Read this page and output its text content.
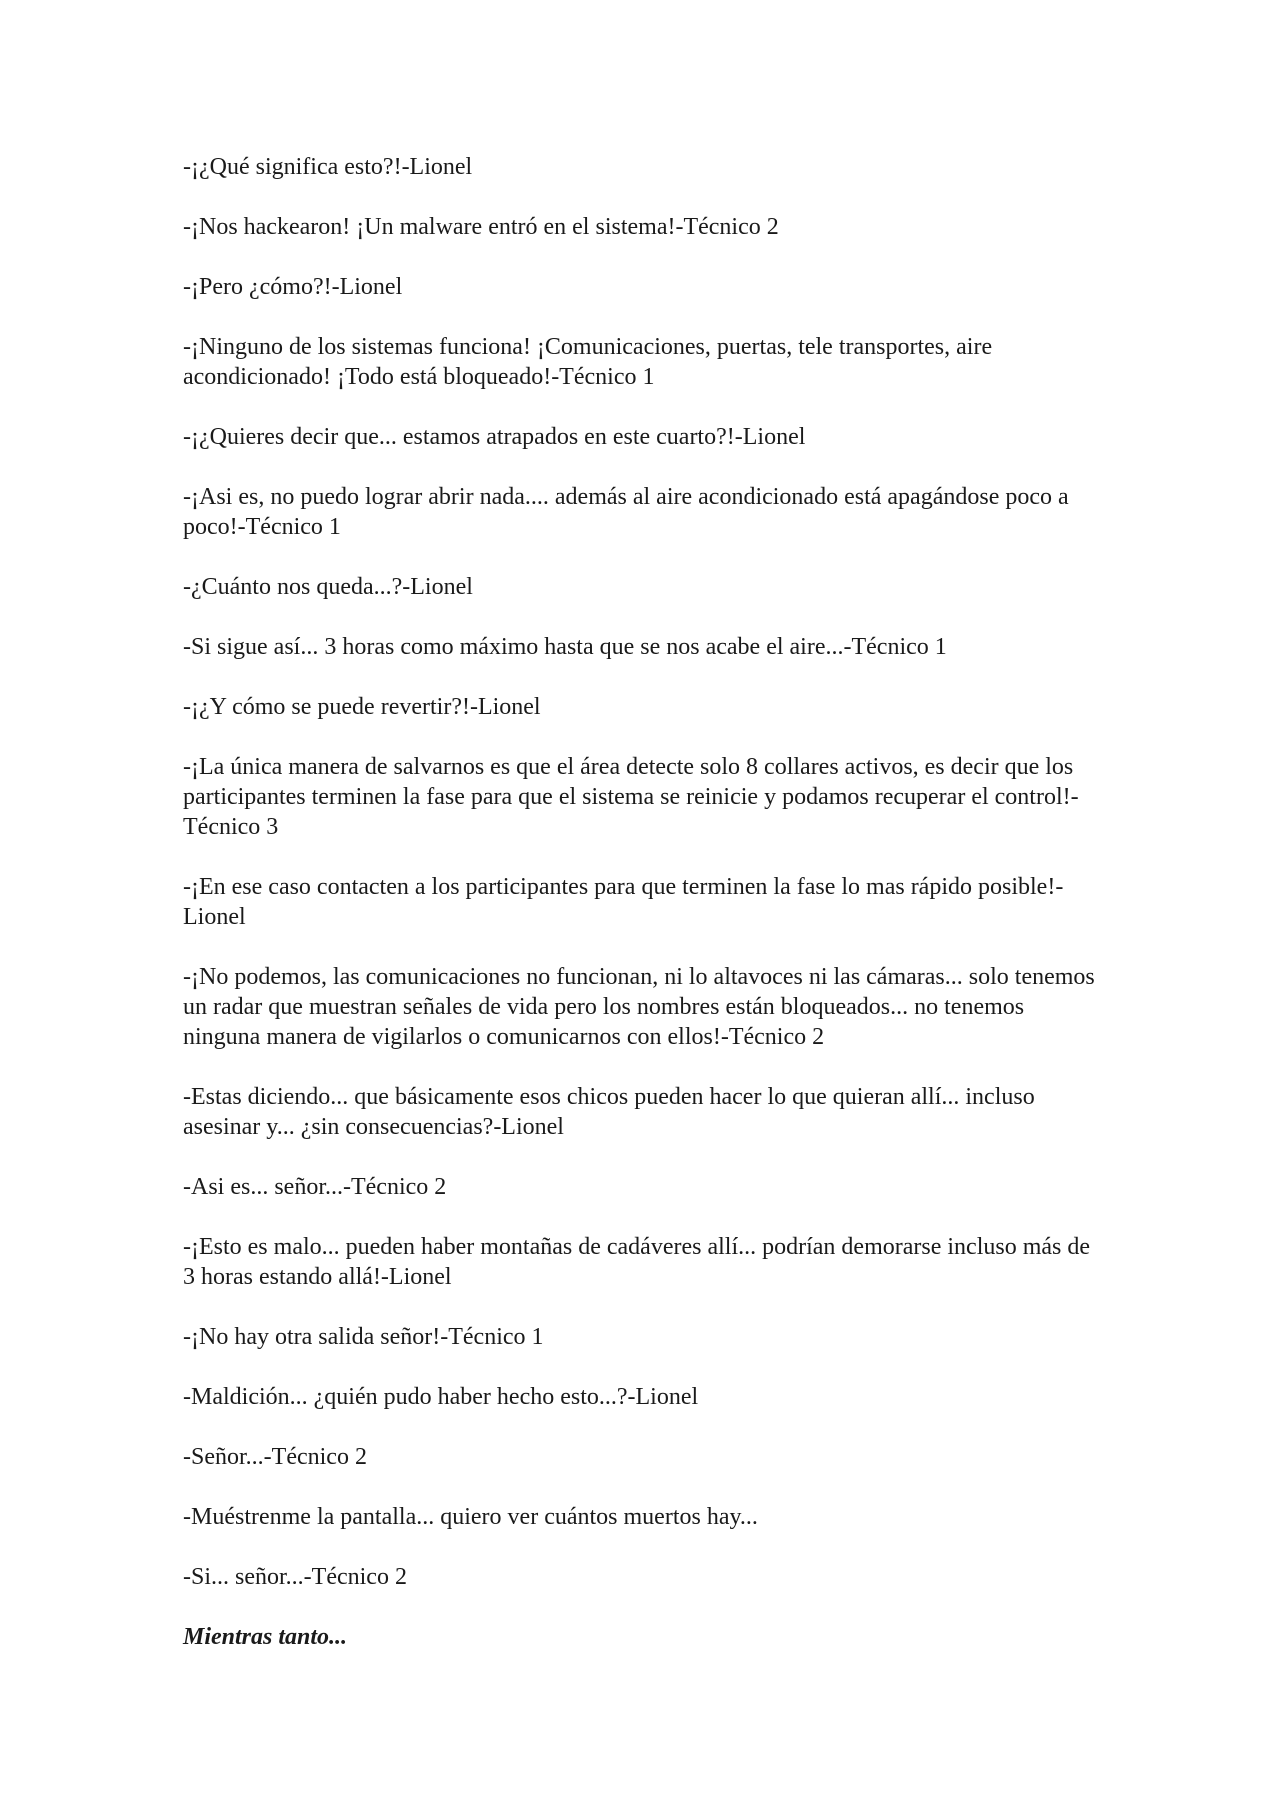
-¡¿Qué significa esto?!-Lionel

-¡Nos hackearon! ¡Un malware entró en el sistema!-Técnico 2

-¡Pero ¿cómo?!-Lionel

-¡Ninguno de los sistemas funciona! ¡Comunicaciones, puertas, tele transportes, aire acondicionado! ¡Todo está bloqueado!-Técnico 1

-¡¿Quieres decir que... estamos atrapados en este cuarto?!-Lionel

-¡Asi es, no puedo lograr abrir nada.... además al aire acondicionado está apagándose poco a poco!-Técnico 1

-¿Cuánto nos queda...?-Lionel

-Si sigue así... 3 horas como máximo hasta que se nos acabe el aire...-Técnico 1

-¡¿Y cómo se puede revertir?!-Lionel

-¡La única manera de salvarnos es que el área detecte solo 8 collares activos, es decir que los participantes terminen la fase para que el sistema se reinicie y podamos recuperar el control!-Técnico 3

-¡En ese caso contacten a los participantes para que terminen la fase lo mas rápido posible!-Lionel

-¡No podemos, las comunicaciones no funcionan, ni lo altavoces ni las cámaras... solo tenemos un radar que muestran señales de vida pero los nombres están bloqueados... no tenemos ninguna manera de vigilarlos o comunicarnos con ellos!-Técnico 2

-Estas diciendo... que básicamente esos chicos pueden hacer lo que quieran allí... incluso asesinar y... ¿sin consecuencias?-Lionel

-Asi es... señor...-Técnico 2

-¡Esto es malo... pueden haber montañas de cadáveres allí... podrían demorarse incluso más de 3 horas estando allá!-Lionel

-¡No hay otra salida señor!-Técnico 1

-Maldición... ¿quién pudo haber hecho esto...?-Lionel

-Señor...-Técnico 2

-Muéstrenme la pantalla... quiero ver cuántos muertos hay...

-Si... señor...-Técnico 2

Mientras tanto...
